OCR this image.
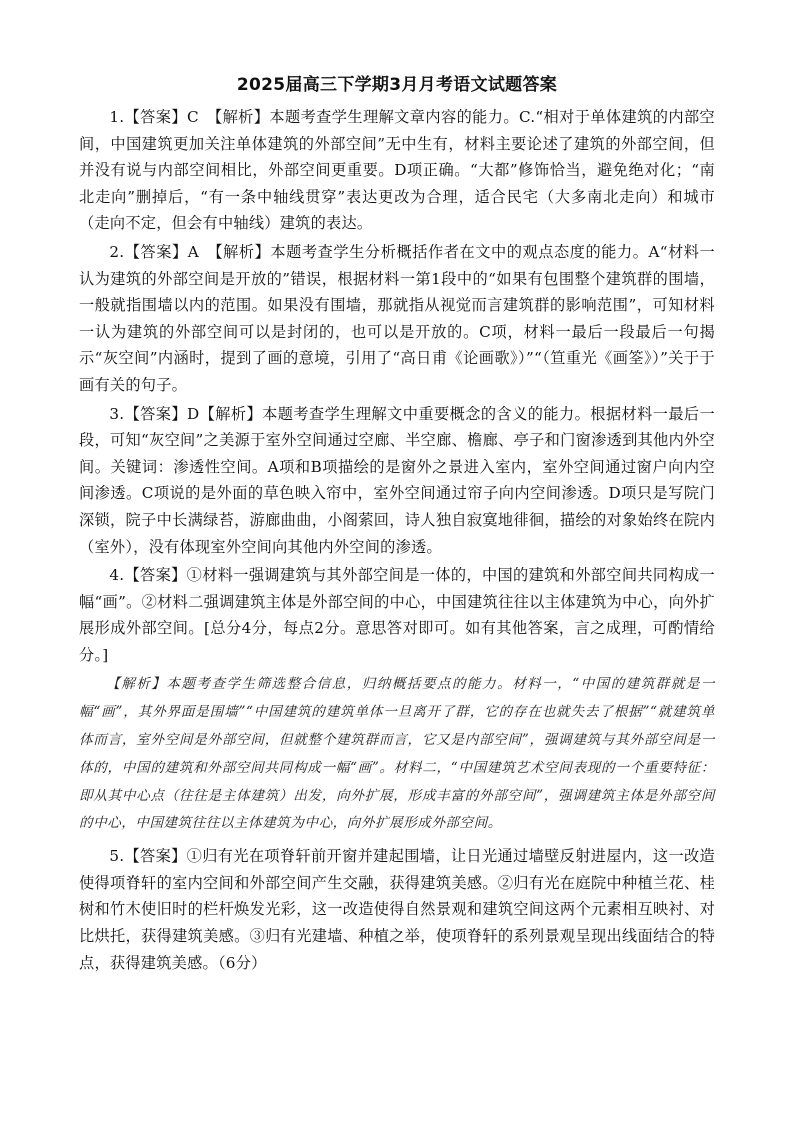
2025届高三下学期3月月考语文试题答案

1.【答案】C　【解析】本题考查学生理解文章内容的能力。C.“相对于单体建筑的内部空间，中国建筑更加关注单体建筑的外部空间”无中生有，材料主要论述了建筑的外部空间，但并没有说与内部空间相比，外部空间更重要。D项正确。“大都”修饰恰当，避免绝对化；“南北走向”删掉后，“有一条中轴线贯穿”表达更改为合理，适合民宅（大多南北走向）和城市（走向不定，但会有中轴线）建筑的表达。

2.【答案】A　【解析】本题考查学生分析概括作者在文中的观点态度的能力。A“材料一认为建筑的外部空间是开放的”错误，根据材料一第1段中的“如果有包围整个建筑群的围墙，一般就指围墙以内的范围。如果没有围墙，那就指从视觉而言建筑群的影响范围”，可知材料一认为建筑的外部空间可以是封闭的，也可以是开放的。C项，材料一最后一段最后一句揭示“灰空间”内涵时，提到了画的意境，引用了“高日甫《论画歌》）”“（笪重光《画筌》）”关于于画有关的句子。

3.【答案】D【解析】本题考查学生理解文中重要概念的含义的能力。根据材料一最后一段，可知“灰空间”之美源于室外空间通过空廊、半空廊、檐廊、亭子和门窗渗透到其他内外空间。关键词：渗透性空间。A项和B项描绘的是窗外之景进入室内，室外空间通过窗户向内空间渗透。C项说的是外面的草色映入帘中，室外空间通过帘子向内空间渗透。D项只是写院门深锁，院子中长满绿苔，游廊曲曲，小阁萦回，诗人独自寂寞地徘徊，描绘的对象始终在院内（室外），没有体现室外空间向其他内外空间的渗透。

4.【答案】①材料一强调建筑与其外部空间是一体的，中国的建筑和外部空间共同构成一幅“画”。②材料二强调建筑主体是外部空间的中心，中国建筑往往以主体建筑为中心，向外扩展形成外部空间。[总分4分，每点2分。意思答对即可。如有其他答案，言之成理，可酌情给分。]

【解析】本题考查学生筛选整合信息，归纳概括要点的能力。材料一，“中国的建筑群就是一幅“画”，其外界面是围墙”“中国建筑的建筑单体一旦离开了群，它的存在也就失去了根据”“就建筑单体而言，室外空间是外部空间，但就整个建筑群而言，它又是内部空间”，强调建筑与其外部空间是一体的，中国的建筑和外部空间共同构成一幅“画”。材料二，“中国建筑艺术空间表现的一个重要特征：即从其中心点（往往是主体建筑）出发，向外扩展，形成丰富的外部空间”，强调建筑主体是外部空间的中心，中国建筑往往以主体建筑为中心，向外扩展形成外部空间。

5.【答案】①归有光在项脊轩前开窗并建起围墙，让日光通过墙壁反射进屋内，这一改造使得项脊轩的室内空间和外部空间产生交融，获得建筑美感。②归有光在庭院中种植兰花、桂树和竹木使旧时的栏杆焕发光彩，这一改造使得自然景观和建筑空间这两个元素相互映衬、对比烘托，获得建筑美感。③归有光建墙、种植之举，使项脊轩的系列景观呈现出线面结合的特点，获得建筑美感。（6分）
